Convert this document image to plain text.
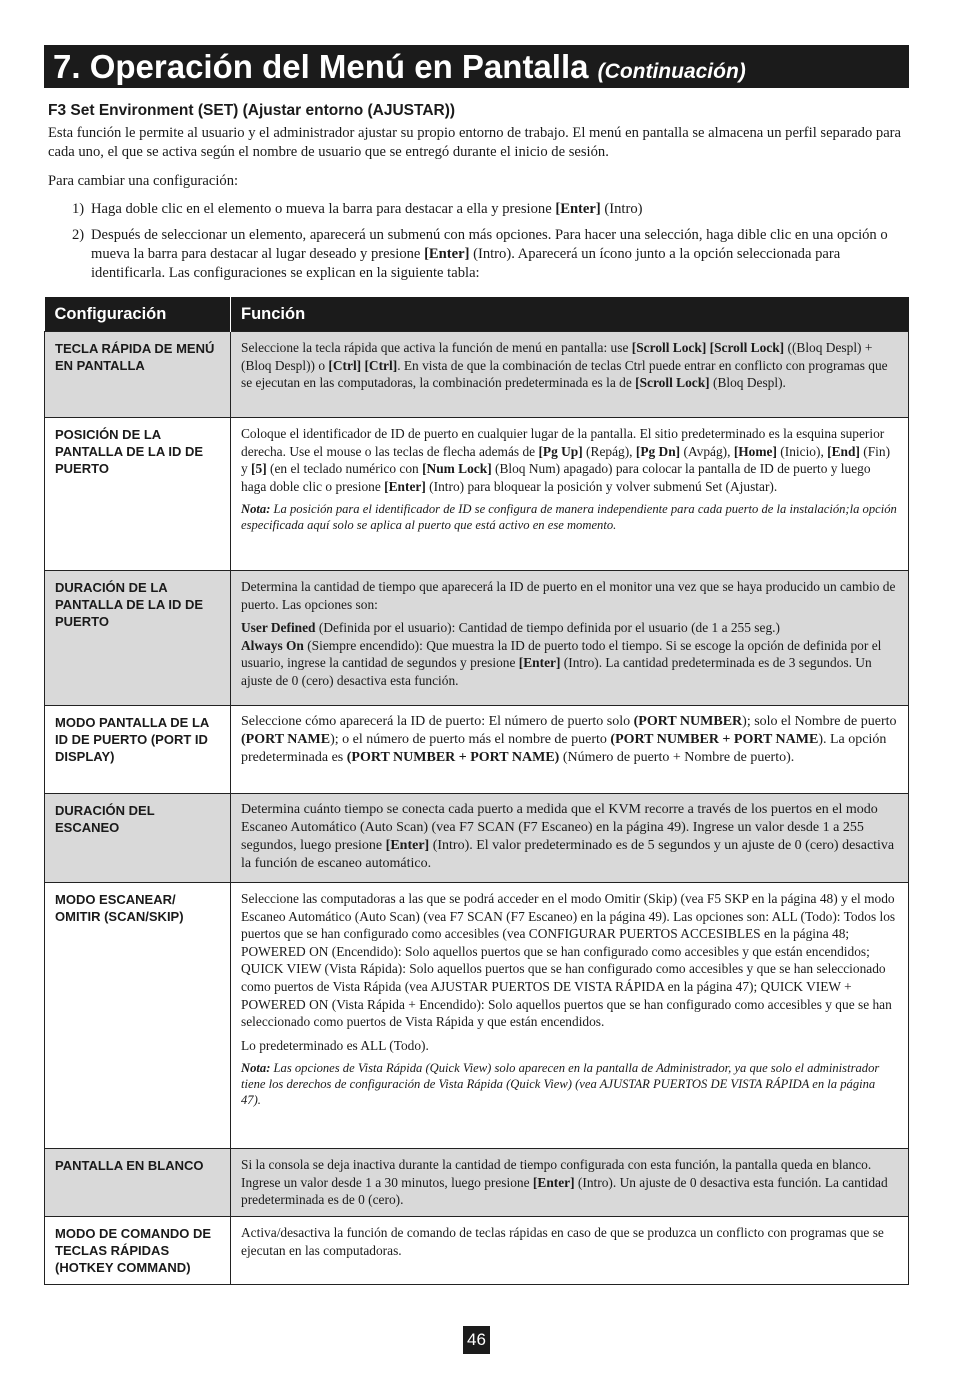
7. Operación del Menú en Pantalla (Continuación)
F3 Set Environment (SET) (Ajustar entorno (AJUSTAR))

Esta función le permite al usuario y el administrador ajustar su propio entorno de trabajo. El menú en pantalla se almacena un perfil separado para cada uno, el que se activa según el nombre de usuario que se entregó durante el inicio de sesión.

Para cambiar una configuración:
1) Haga doble clic en el elemento o mueva la barra para destacar a ella y presione [Enter] (Intro)
2) Después de seleccionar un elemento, aparecerá un submenú con más opciones. Para hacer una selección, haga dible clic en una opción o mueva la barra para destacar al lugar deseado y presione [Enter] (Intro). Aparecerá un ícono junto a la opción seleccionada para identificarla. Las configuraciones se explican en la siguiente tabla:
Configuración	Función
TECLA RÁPIDA DE MENÚ EN PANTALLA	Seleccione la tecla rápida que activa la función de menú en pantalla: use [Scroll Lock] [Scroll Lock] ((Bloq Despl) + (Bloq Despl)) o [Ctrl] [Ctrl]. En vista de que la combinación de teclas Ctrl puede entrar en conflicto con programas que se ejecutan en las computadoras, la combinación predeterminada es la de [Scroll Lock] (Bloq Despl).

POSICIÓN DE LA PANTALLA DE LA ID DE PUERTO	Coloque el identificador de ID de puerto en cualquier lugar de la pantalla. El sitio predeterminado es la esquina superior derecha. Use el mouse o las teclas de flecha además de [Pg Up] (Repág), [Pg Dn] (Avpág), [Home] (Inicio), [End] (Fin) y [5] (en el teclado numérico con [Num Lock] (Bloq Num) apagado) para colocar la pantalla de ID de puerto y luego haga doble clic o presione [Enter] (Intro) para bloquear la posición y volver submenú Set (Ajustar).

Nota: La posición para el identificador de ID se configura de manera independiente para cada puerto de la instalación;la opción especificada aquí solo se aplica al puerto que está activo en ese momento.

DURACIÓN DE LA PANTALLA DE LA ID DE PUERTO	Determina la cantidad de tiempo que aparecerá la ID de puerto en el monitor una vez que se haya producido un cambio de puerto. Las opciones son:

User Defined (Definida por el usuario): Cantidad de tiempo definida por el usuario (de 1 a 255 seg.)
Always On (Siempre encendido): Que muestra la ID de puerto todo el tiempo. Si se escoge la opción de definida por el usuario, ingrese la cantidad de segundos y presione [Enter] (Intro). La cantidad predeterminada es de 3 segundos. Un ajuste de 0 (cero) desactiva esta función.

MODO PANTALLA DE LA ID DE PUERTO (PORT ID DISPLAY)	Seleccione cómo aparecerá la ID de puerto: El número de puerto solo (PORT NUMBER); solo el Nombre de puerto (PORT NAME); o el número de puerto más el nombre de puerto (PORT NUMBER + PORT NAME). La opción predeterminada es (PORT NUMBER + PORT NAME) (Número de puerto + Nombre de puerto).

DURACIÓN DEL ESCANEO	Determina cuánto tiempo se conecta cada puerto a medida que el KVM recorre a través de los puertos en el modo Escaneo Automático (Auto Scan) (vea F7 SCAN (F7 Escaneo) en la página 49). Ingrese un valor desde 1 a 255 segundos, luego presione [Enter] (Intro). El valor predeterminado es de 5 segundos y un ajuste de 0 (cero) desactiva la función de escaneo automático.

MODO ESCANEAR/ OMITIR (SCAN/SKIP)	Seleccione las computadoras a las que se podrá acceder en el modo Omitir (Skip) (vea F5 SKP en la página 48) y el modo Escaneo Automático (Auto Scan) (vea F7 SCAN (F7 Escaneo) en la página 49). Las opciones son: ALL (Todo): Todos los puertos que se han configurado como accesibles (vea CONFIGURAR PUERTOS ACCESIBLES en la página 48; POWERED ON (Encendido): Solo aquellos puertos que se han configurado como accesibles y que están encendidos; QUICK VIEW (Vista Rápida): Solo aquellos puertos que se han configurado como accesibles y que se han seleccionado como puertos de Vista Rápida (vea AJUSTAR PUERTOS DE VISTA RÁPIDA en la página 47); QUICK VIEW + POWERED ON (Vista Rápida + Encendido): Solo aquellos puertos que se han configurado como accesibles y que se han seleccionado como puertos de Vista Rápida y que están encendidos.

Lo predeterminado es ALL (Todo).

Nota: Las opciones de Vista Rápida (Quick View) solo aparecen en la pantalla de Administrador, ya que solo el administrador tiene los derechos de configuración de Vista Rápida (Quick View) (vea AJUSTAR PUERTOS DE VISTA RÁPIDA en la página 47).

PANTALLA EN BLANCO	Si la consola se deja inactiva durante la cantidad de tiempo configurada con esta función, la pantalla queda en blanco. Ingrese un valor desde 1 a 30 minutos, luego presione [Enter] (Intro). Un ajuste de 0 desactiva esta función. La cantidad predeterminada es de 0 (cero).

MODO DE COMANDO DE TECLAS RÁPIDAS (HOTKEY COMMAND)	Activa/desactiva la función de comando de teclas rápidas en caso de que se produzca un conflicto con programas que se ejecutan en las computadoras.

46
